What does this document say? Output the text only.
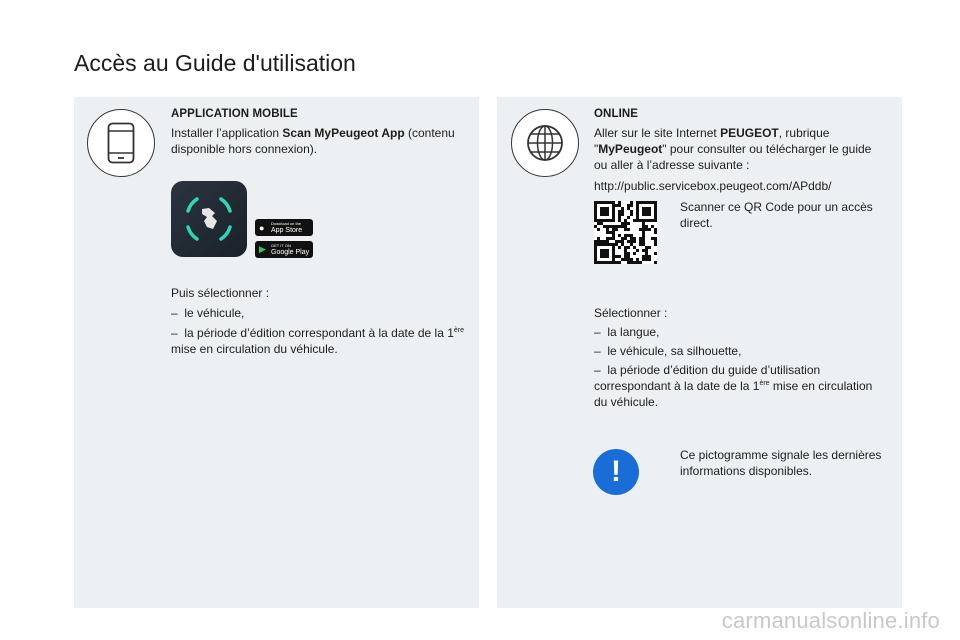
Accès au Guide d'utilisation
APPLICATION MOBILE

Installer l’application Scan MyPeugeot App (contenu disponible hors connexion).

●	Download on the
App Store
▶	GET IT ON
Google Play

Puis sélectionner :

– le véhicule,

– la période d’édition correspondant à la date de la 1ère
mise en circulation du véhicule.

ONLINE

Aller sur le site Internet PEUGEOT, rubrique "MyPeugeot" pour consulter ou télécharger le guide ou aller à l’adresse suivante :

http://public.servicebox.peugeot.com/APddb/

Scanner ce QR Code pour un accès direct.

Sélectionner :

– la langue,

– le véhicule, sa silhouette,

– la période d’édition du guide d’utilisation correspondant à la date de la 1ère mise en circulation du véhicule.

!	Ce pictogramme signale les dernières informations disponibles.

carmanualsonline.info
